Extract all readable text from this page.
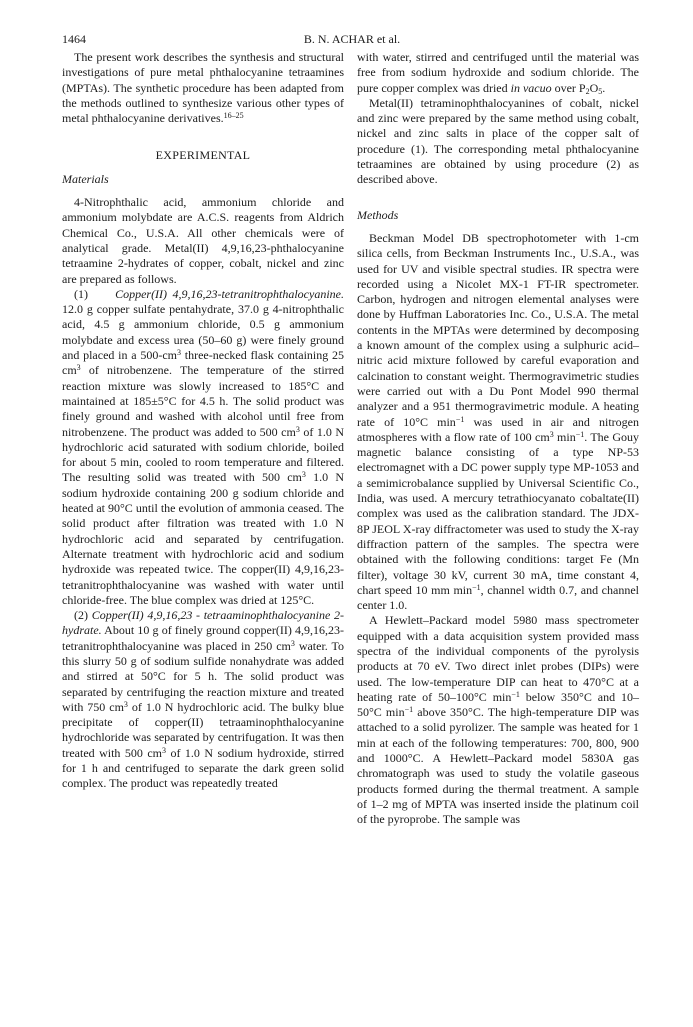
1464	B. N. ACHAR et al.

The present work describes the synthesis and structural investigations of pure metal phthalocyanine tetraamines (MPTAs). The synthetic procedure has been adapted from the methods outlined to synthesize various other types of metal phthalocyanine derivatives.$^{16-25}$

EXPERIMENTAL

Materials

4-Nitrophthalic acid, ammonium chloride and ammonium molybdate are A.C.S. reagents from Aldrich Chemical Co., U.S.A. All other chemicals were of analytical grade. Metal(II) 4,9,16,23-phthalocyanine tetraamine 2-hydrates of copper, cobalt, nickel and zinc are prepared as follows.

(1) Copper(II) 4,9,16,23-tetranitrophthalocyanine. 12.0 g copper sulfate pentahydrate, 37.0 g 4-nitrophthalic acid, 4.5 g ammonium chloride, 0.5 g ammonium molybdate and excess urea (50–60 g) were finely ground and placed in a $500-cm^3$ three-necked flask containing 25 $cm^3$ of nitrobenzene. The temperature of the stirred reaction mixture was slowly increased to 185°C and maintained at 185±5°C for 4.5 h. The solid product was finely ground and washed with alcohol until free from nitrobenzene. The product was added to 500 $cm^3$ of 1.0 N hydrochloric acid saturated with sodium chloride, boiled for about 5 min, cooled to room temperature and filtered. The resulting solid was treated with 500 $cm^3$ 1.0 N sodium hydroxide containing 200 g sodium chloride and heated at 90°C until the evolution of ammonia ceased. The solid product after filtration was treated with 1.0 N hydrochloric acid and separated by centrifugation. Alternate treatment with hydrochloric acid and sodium hydroxide was repeated twice. The copper(II) 4,9,16,23-tetranitrophthalocyanine was washed with water until chloride-free. The blue complex was dried at 125°C.

(2) Copper(II) 4,9,16,23 - tetraaminophthalocyanine 2-hydrate. About 10 g of finely ground copper(II) 4,9,16,23-tetranitrophthalocyanine was placed in 250 $cm^3$ water. To this slurry 50 g of sodium sulfide nonahydrate was added and stirred at 50°C for 5 h. The solid product was separated by centrifuging the reaction mixture and treated with 750 $cm^3$ of 1.0 N hydrochloric acid. The bulky blue precipitate of copper(II) tetraaminophthalocyanine hydrochloride was separated by centrifugation. It was then treated with 500 $cm^3$ of 1.0 N sodium hydroxide, stirred for 1 h and centrifuged to separate the dark green solid complex. The product was repeatedly treated

with water, stirred and centrifuged until the material was free from sodium hydroxide and sodium chloride. The pure copper complex was dried in vacuo over $P_2O_5$.

Metal(II) tetraminophthalocyanines of cobalt, nickel and zinc were prepared by the same method using cobalt, nickel and zinc salts in place of the copper salt of procedure (1). The corresponding metal phthalocyanine tetraamines are obtained by using procedure (2) as described above.

Methods

Beckman Model DB spectrophotometer with 1-cm silica cells, from Beckman Instruments Inc., U.S.A., was used for UV and visible spectral studies. IR spectra were recorded using a Nicolet MX-1 FT-IR spectrometer. Carbon, hydrogen and nitrogen elemental analyses were done by Huffman Laboratories Inc. Co., U.S.A. The metal contents in the MPTAs were determined by decomposing a known amount of the complex using a sulphuric acid–nitric acid mixture followed by careful evaporation and calcination to constant weight. Thermogravimetric studies were carried out with a Du Pont Model 990 thermal analyzer and a 951 thermogravimetric module. A heating rate of 10°C $\min^{-1}$ was used in air and nitrogen atmospheres with a flow rate of 100 $cm^3$ $\min^{-1}$. The Gouy magnetic balance consisting of a type NP-53 electromagnet with a DC power supply type MP-1053 and a semimicrobalance supplied by Universal Scientific Co., India, was used. A mercury tetrathiocyanato cobaltate(II) complex was used as the calibration standard. The JDX-8P JEOL X-ray diffractometer was used to study the X-ray diffraction pattern of the samples. The spectra were obtained with the following conditions: target Fe (Mn filter), voltage 30 kV, current 30 mA, time constant 4, chart speed 10 mm $\min^{-1}$, channel width 0.7, and channel center 1.0.

A Hewlett–Packard model 5980 mass spectrometer equipped with a data acquisition system provided mass spectra of the individual components of the pyrolysis products at 70 eV. Two direct inlet probes (DIPs) were used. The low-temperature DIP can heat to 470°C at a heating rate of 50–100°C $\min^{-1}$ below 350°C and 10–50°C $\min^{-1}$ above 350°C. The high-temperature DIP was attached to a solid pyrolizer. The sample was heated for 1 min at each of the following temperatures: 700, 800, 900 and 1000°C. A Hewlett–Packard model 5830A gas chromatograph was used to study the volatile gaseous products formed during the thermal treatment. A sample of 1–2 mg of MPTA was inserted inside the platinum coil of the pyroprobe. The sample was
